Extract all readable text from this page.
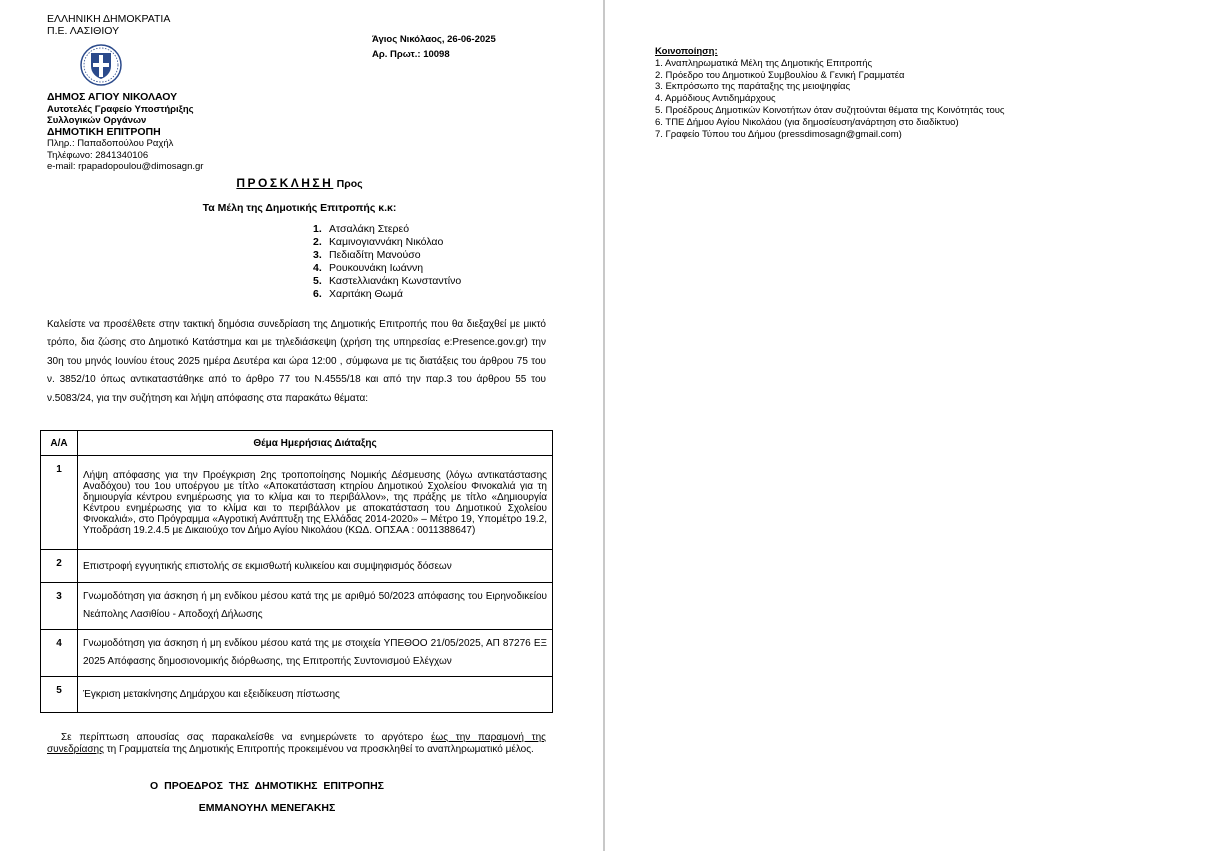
ΕΛΛΗΝΙΚΗ ΔΗΜΟΚΡΑΤΙΑ
Π.Ε. ΛΑΣΙΘΙΟΥ
ΔΗΜΟΣ ΑΓΙΟΥ ΝΙΚΟΛΑΟΥ
Αυτοτελές Γραφείο Υποστήριξης
Συλλογικών Οργάνων
ΔΗΜΟΤΙΚΗ ΕΠΙΤΡΟΠΗ
Πληρ.: Παπαδοπούλου Ραχήλ
Τηλέφωνο: 2841340106
e-mail: rpapadopoulou@dimosagn.gr
Άγιος Νικόλαος, 26-06-2025
Αρ. Πρωτ.: 10098
ΠΡΟΣΚΛΗΣΗ Προς
Τα Μέλη της Δημοτικής Επιτροπής κ.κ:
1. Ατσαλάκη Στερεό
2. Καμινογιαννάκη Νικόλαο
3. Πεδιαδίτη Μανούσο
4. Ρουκουνάκη Ιωάννη
5. Καστελλιανάκη Κωνσταντίνο
6. Χαριτάκη Θωμά
Καλείστε να προσέλθετε στην τακτική δημόσια συνεδρίαση της Δημοτικής Επιτροπής που θα διεξαχθεί με μικτό τρόπο, δια ζώσης στο Δημοτικό Κατάστημα και με τηλεδιάσκεψη (χρήση της υπηρεσίας e:Presence.gov.gr) την 30η του μηνός Ιουνίου έτους 2025 ημέρα Δευτέρα και ώρα 12:00 , σύμφωνα με τις διατάξεις του άρθρου 75 του ν. 3852/10 όπως αντικαταστάθηκε από το άρθρο 77 του Ν.4555/18 και από την παρ.3 του άρθρου 55 του ν.5083/24, για την συζήτηση και λήψη απόφασης στα παρακάτω θέματα:
Α/Α	Θέμα Ημερήσιας Διάταξης
1	Λήψη απόφασης για την Προέγκριση 2ης τροποποίησης Νομικής Δέσμευσης (λόγω αντικατάστασης Αναδόχου) του 1ου υποέργου με τίτλο «Αποκατάσταση κτηρίου Δημοτικού Σχολείου Φινοκαλιά για τη δημιουργία κέντρου ενημέρωσης για το κλίμα και το περιβάλλον», της πράξης με τίτλο «Δημιουργία Κέντρου ενημέρωσης για το κλίμα και το περιβάλλον με αποκατάσταση του Δημοτικού Σχολείου Φινοκαλιά», στο Πρόγραμμα «Αγροτική Ανάπτυξη της Ελλάδας 2014-2020» – Μέτρο 19, Υπομέτρο 19.2, Υποδράση 19.2.4.5 με Δικαιούχο τον Δήμο Αγίου Νικολάου (ΚΩΔ. ΟΠΣΑΑ : 0011388647)
2	Επιστροφή εγγυητικής επιστολής σε εκμισθωτή κυλικείου και συμψηφισμός δόσεων
3	Γνωμοδότηση για άσκηση ή μη ενδίκου μέσου κατά της με αριθμό 50/2023 απόφασης του Ειρηνοδικείου Νεάπολης Λασιθίου - Αποδοχή Δήλωσης
4	Γνωμοδότηση για άσκηση ή μη ενδίκου μέσου κατά της με στοιχεία ΥΠΕΘΟΟ 21/05/2025, ΑΠ 87276 ΕΞ 2025 Απόφασης δημοσιονομικής διόρθωσης, της Επιτροπής Συντονισμού Ελέγχων
5	Έγκριση μετακίνησης Δημάρχου και εξειδίκευση πίστωσης
Σε περίπτωση απουσίας σας παρακαλείσθε να ενημερώνετε το αργότερο έως την παραμονή της συνεδρίασης τη Γραμματεία της Δημοτικής Επιτροπής προκειμένου να προσκληθεί το αναπληρωματικό μέλος.
Ο ΠΡΟΕΔΡΟΣ ΤΗΣ ΔΗΜΟΤΙΚΗΣ ΕΠΙΤΡΟΠΗΣ
ΕΜΜΑΝΟΥΗΛ ΜΕΝΕΓΑΚΗΣ
Κοινοποίηση:
1. Αναπληρωματικά Μέλη της Δημοτικής Επιτροπής
2. Πρόεδρο του Δημοτικού Συμβουλίου & Γενική Γραμματέα
3. Εκπρόσωπο της παράταξης της μειοψηφίας
4. Αρμόδιους Αντιδημάρχους
5. Προέδρους Δημοτικών Κοινοτήτων όταν συζητούνται θέματα της Κοινότητάς τους
6. ΤΠΕ Δήμου Αγίου Νικολάου (για δημοσίευση/ανάρτηση στο διαδίκτυο)
7. Γραφείο Τύπου του Δήμου (pressdimosagn@gmail.com)
